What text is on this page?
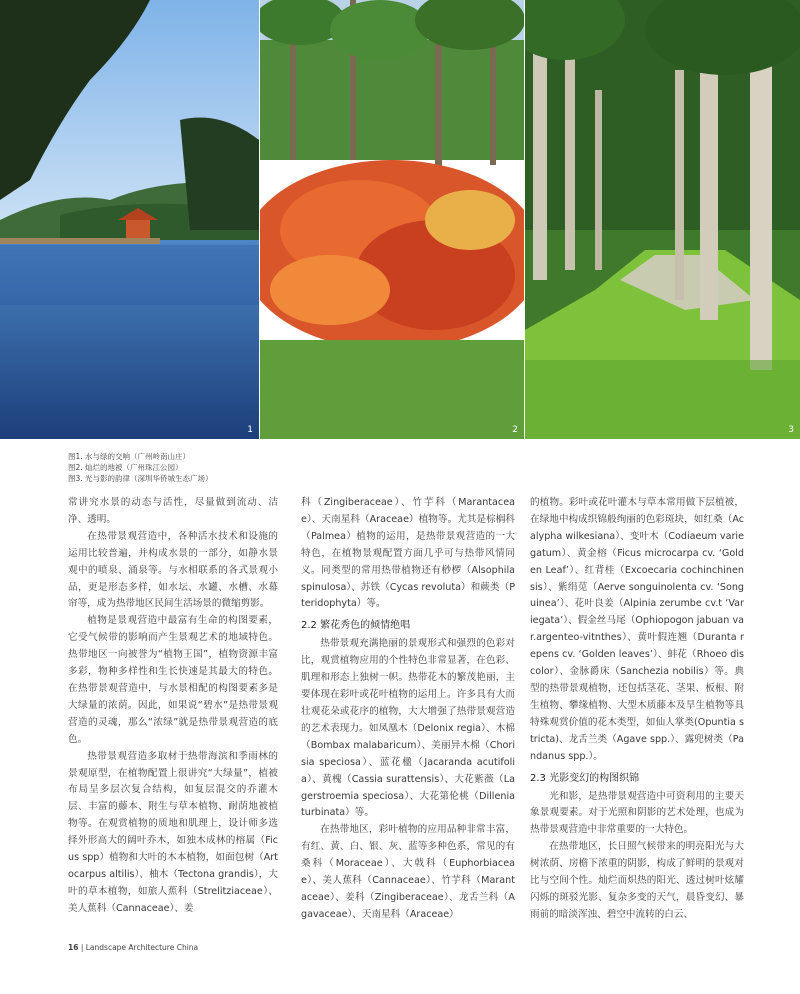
1	2	3
图1. 水与绿的交响（广州岭南山庄）
图2. 灿烂的地被（广州珠江公园）
图3. 光与影的韵律（深圳华侨城生态广场）

常讲究水景的动态与活性，尽量做到流动、洁净、透明。

在热带景观营造中，各种活水技术和设施的运用比较普遍，并构成水景的一部分，如静水景观中的喷泉、涌泉等。与水相联系的各式景观小品，更是形态多样，如水坛、水罐、水槽、水幕帘等，成为热带地区民间生活场景的微缩剪影。

植物是景观营造中最富有生命的构图要素，它受气候带的影响而产生景观艺术的地域特色。热带地区一向被誉为“植物王国”，植物资源丰富多彩，物种多样性和生长快速是其最大的特色。在热带景观营造中，与水景相配的构图要素多是大绿量的浓荫。因此，如果说“碧水”是热带景观营造的灵魂，那么“浓绿”就是热带景观营造的底色。

热带景观营造多取材于热带海滨和季雨林的景观原型，在植物配置上很讲究“大绿量”，植被布局呈多层次复合结构，如复层混交的乔灌木层、丰富的藤本、附生与草本植物、耐荫地被植物等。在观赏植物的质地和肌理上，设计师多选择外形高大的阔叶乔木，如独木成林的榕属（Ficus spp）植物和大叶的木本植物，如面包树（Artocarpus altilis）、柚木（Tectona grandis），大叶的草本植物，如旅人蕉科（Strelitziaceae）、美人蕉科（Cannaceae）、姜

科（Zingiberaceae）、竹芋科（Marantaceae）、天南星科（Araceae）植物等。尤其是棕榈科（Palmea）植物的运用，是热带景观营造的一大特色，在植物景观配置方面几乎可与热带风情同义。同类型的常用热带植物还有桫椤（Alsophila spinulosa）、苏铁（Cycas revoluta）和蕨类（Pteridophyta）等。

2.2 繁花秀色的倾情绝唱

热带景观充满艳丽的景观形式和强烈的色彩对比，观赏植物应用的个性特色非常显著，在色彩、肌理和形态上独树一帜。热带花木的繁茂艳丽，主要体现在彩叶或花叶植物的运用上。许多具有大而壮观花朵或花序的植物，大大增强了热带景观营造的艺术表现力。如凤凰木（Delonix regia）、木棉（Bombax malabaricum）、美丽异木棉（Chorisia speciosa）、蓝花楹（Jacaranda acutifolia）、黄槐（Cassia surattensis）、大花紫薇（Lagerstroemia speciosa）、大花第伦桃（Dillenia turbinata）等。

在热带地区，彩叶植物的应用品种非常丰富，有红、黄、白、银、灰、蓝等多种色系，常见的有桑科（Moraceae）、大戟科（Euphorbiaceae）、美人蕉科（Cannaceae）、竹芋科（Marantaceae）、姜科（Zingiberaceae）、龙舌兰科（Agavaceae）、天南星科（Araceae）

的植物。彩叶或花叶灌木与草本常用做下层植被，在绿地中构成织锦般绚丽的色彩斑块，如红桑（Acalypha wilkesiana）、变叶木（Codiaeum variegatum）、黄金榕（Ficus microcarpa cv. ‘Golden Leaf’）、红背桂（Excoecaria cochinchinensis）、紫绢苋（Aerve songuinolenta cv. ‘Songuinea’）、花叶良姜（Alpinia zerumbe cv.t ‘Variegata’）、假金丝马尾（Ophiopogon jabuan var.argenteo-vitnthes）、黄叶假连翘（Duranta repens cv. ‘Golden leaves’）、蚌花（Rhoeo discolor）、金脉爵床（Sanchezia nobilis）等。典型的热带景观植物，还包括茎花、茎果、板根、附生植物、攀缘植物、大型木质藤本及旱生植物等具特殊观赏价值的花木类型，如仙人掌类(Opuntia stricta)、龙舌兰类（Agave spp.）、露兜树类（Pandanus spp.）。

2.3 光影变幻的构图织锦

光和影，是热带景观营造中可资利用的主要天象景观要素。对于光照和阴影的艺术处理，也成为热带景观营造中非常重要的一大特色。

在热带地区，长日照气候带来的明亮阳光与大树浓荫、房檐下浓重的阴影，构成了鲜明的景观对比与空间个性。灿烂而炽热的阳光、透过树叶炫耀闪烁的斑驳光影、复杂多变的天气，晨昏变幻、暴雨前的暗淡浑浊、碧空中流转的白云、

16 | Landscape Architecture China
